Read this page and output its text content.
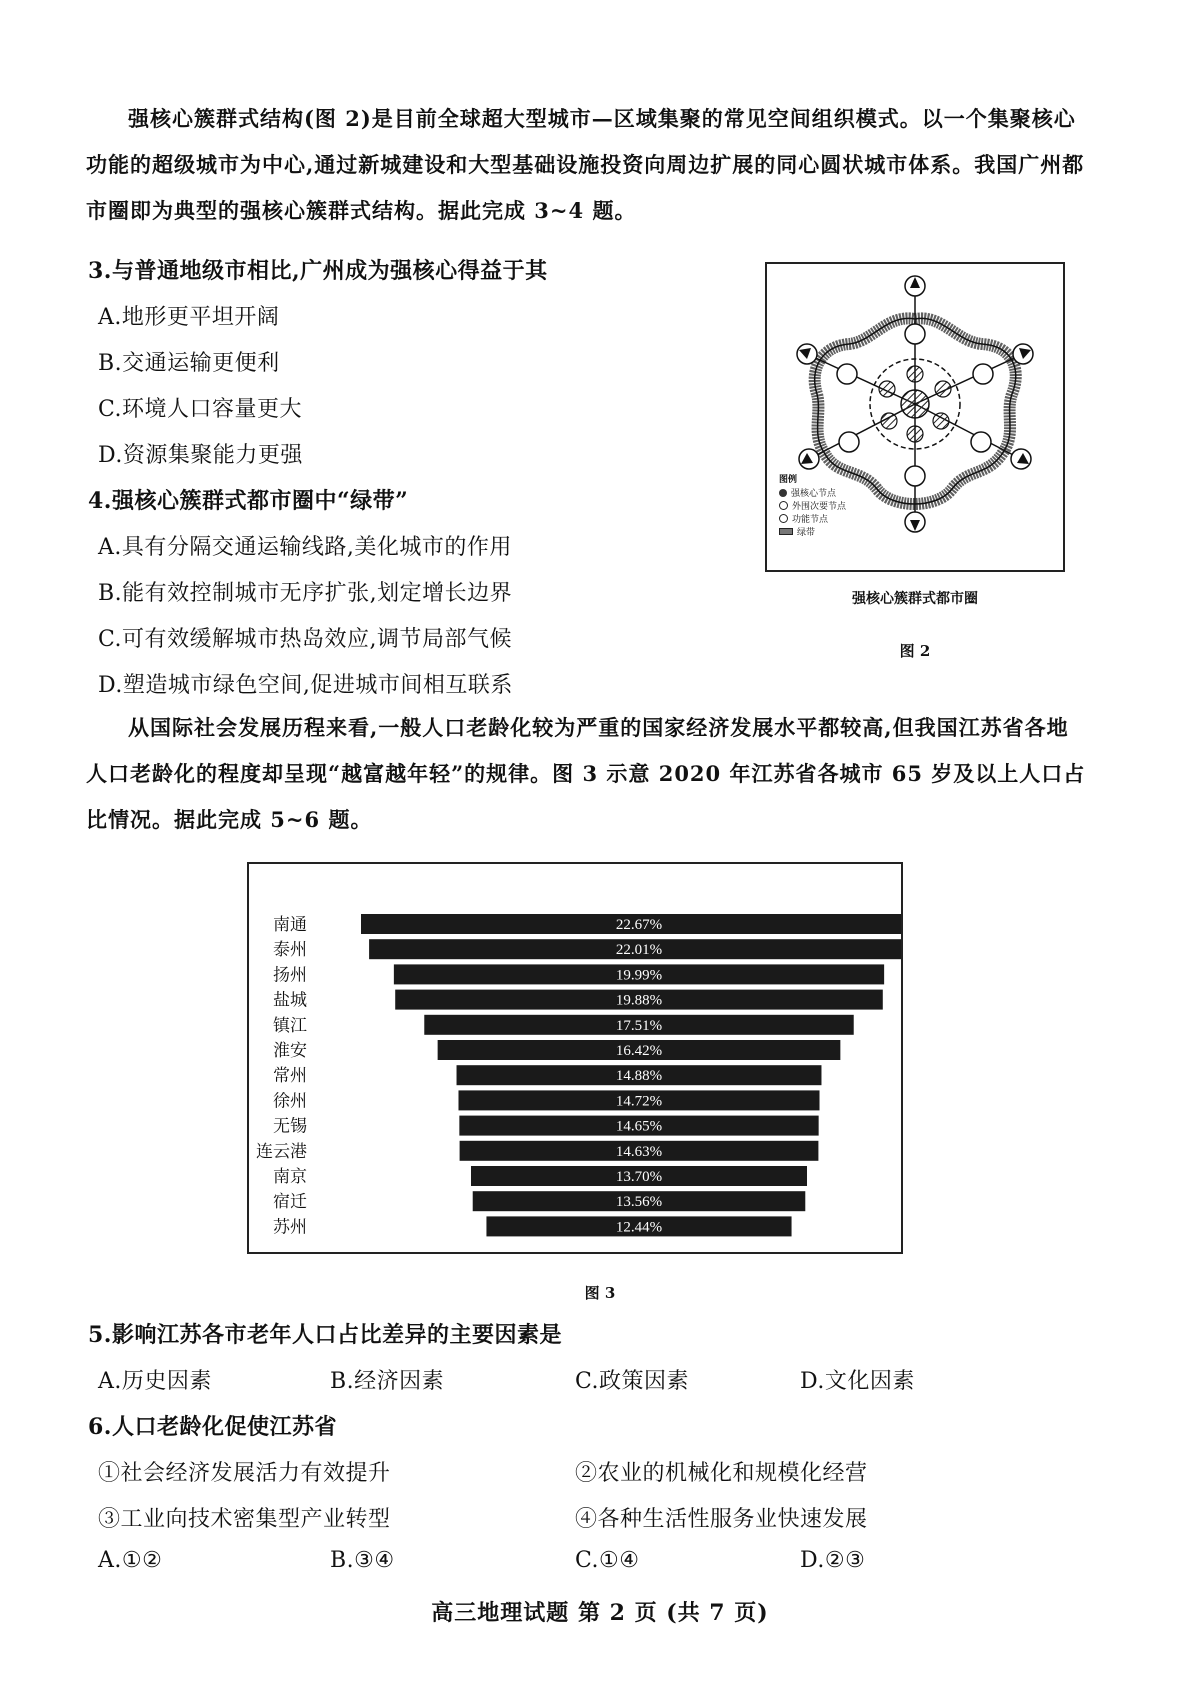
强核心簇群式结构(图 2)是目前全球超大型城市—区域集聚的常见空间组织模式。以一个集聚核心功能的超级城市为中心,通过新城建设和大型基础设施投资向周边扩展的同心圆状城市体系。我国广州都市圈即为典型的强核心簇群式结构。据此完成 3~4 题。
3.与普通地级市相比,广州成为强核心得益于其
A.地形更平坦开阔
B.交通运输更便利
C.环境人口容量更大
D.资源集聚能力更强
4.强核心簇群式都市圈中“绿带”
A.具有分隔交通运输线路,美化城市的作用
B.能有效控制城市无序扩张,划定增长边界
C.可有效缓解城市热岛效应,调节局部气候
D.塑造城市绿色空间,促进城市间相互联系
图例
强核心节点
外围次要节点
功能节点
绿带
强核心簇群式都市圈
图 2
从国际社会发展历程来看,一般人口老龄化较为严重的国家经济发展水平都较高,但我国江苏省各地人口老龄化的程度却呈现“越富越年轻”的规律。图 3 示意 2020 年江苏省各城市 65 岁及以上人口占比情况。据此完成 5~6 题。
南通	22.67%
泰州	22.01%
扬州	19.99%
盐城	19.88%
镇江	17.51%
淮安	16.42%
常州	14.88%
徐州	14.72%
无锡	14.65%
连云港	14.63%
南京	13.70%
宿迁	13.56%
苏州	12.44%
图 3
5.影响江苏各市老年人口占比差异的主要因素是
A.历史因素	B.经济因素	C.政策因素	D.文化因素
6.人口老龄化促使江苏省
①社会经济发展活力有效提升	②农业的机械化和规模化经营
③工业向技术密集型产业转型	④各种生活性服务业快速发展
A.①②	B.③④	C.①④	D.②③
高三地理试题 第 2 页 (共 7 页)
